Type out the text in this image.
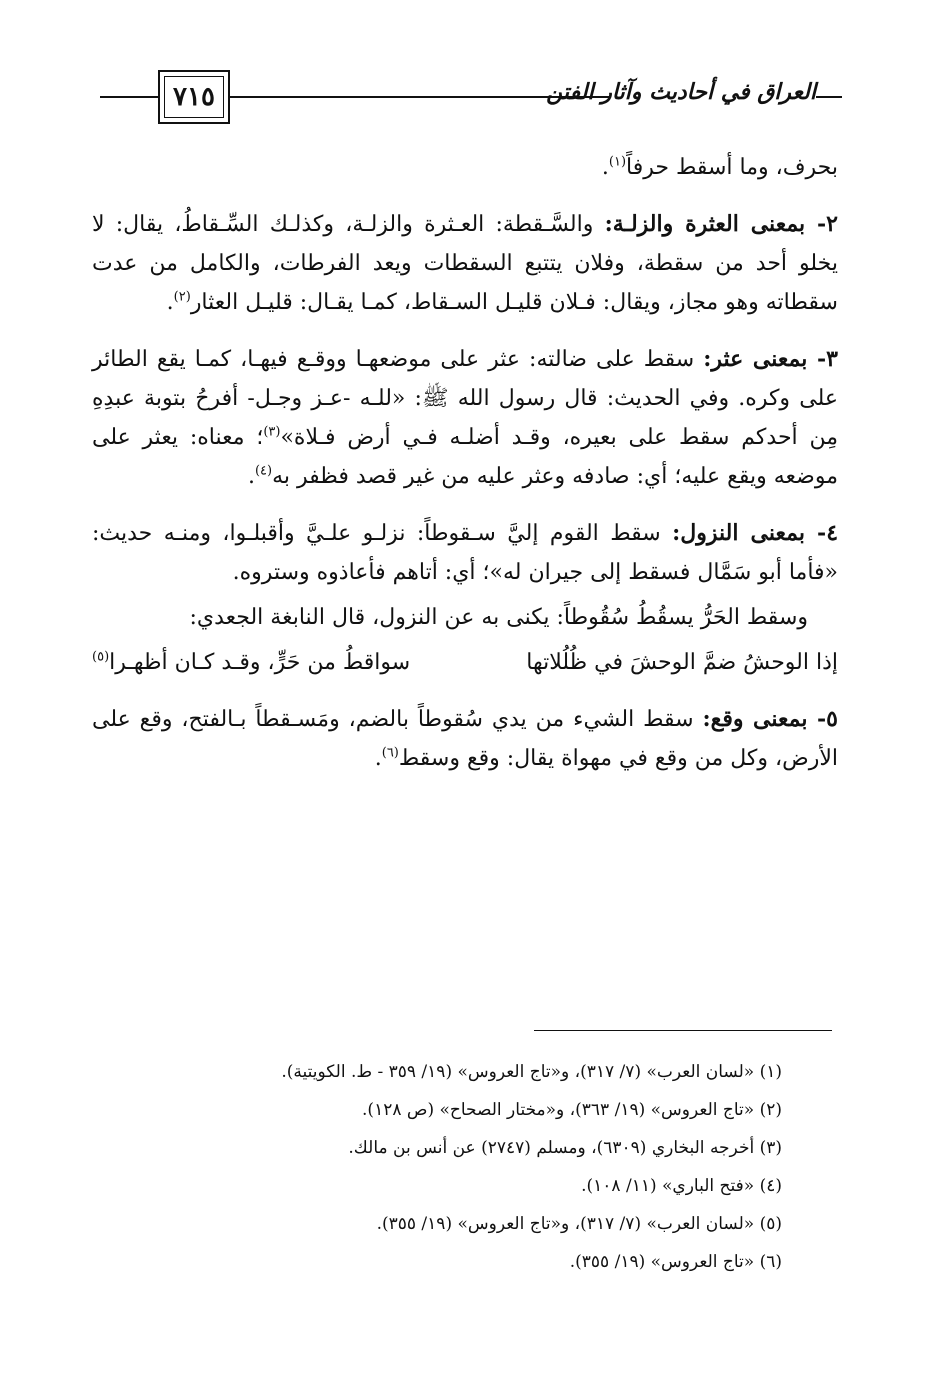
٧١٥	العراق في أحاديث وآثار الفتن

بحرف، وما أسقط حرفاً$^{(١)}$.

٢- بمعنى العثرة والزلـة: والسَّـقطة: العـثرة والزلـة، وكذلـك السِّـقاطُ، يقال: لا يخلو أحد من سقطة، وفلان يتتبع السقطات ويعد الفرطات، والكامل من عدت سقطاته وهو مجاز، ويقال: فـلان قليـل السـقاط، كمـا يقـال: قليـل العثار$^{(٢)}$.

٣- بمعنى عثر: سقط على ضالته: عثر على موضعهـا ووقـع فيهـا، كمـا يقع الطائر على وكره. وفي الحديث: قال رسول الله ﷺ: «للـه -عـز وجـل- أفرحُ بتوبة عبدِهِ مِن أحدكم سقط على بعيره، وقـد أضلـه فـي أرض فـلاة»$^{(٣)}$؛ معناه: يعثر على موضعه ويقع عليه؛ أي: صادفه وعثر عليه من غير قصد فظفر به$^{(٤)}$.

٤- بمعنى النزول: سقط القوم إليَّ سـقوطاً: نزلـو علـيَّ وأقبلـوا، ومنـه حديث: «فأما أبو سَمَّال فسقط إلى جيران له»؛ أي: أتاهم فأعاذوه وستروه.

وسقط الحَرُّ يسقُطُ سُقُوطاً: يكنى به عن النزول، قال النابغة الجعدي:

إذا الوحشُ ضمَّ الوحشَ في ظُلُلاتها
سواقطُ من حَرٍّ، وقـد كـان أظهـرا$^{(٥)}$

٥- بمعنى وقع: سقط الشيء من يدي سُقوطاً بالضم، ومَسـقطاً بـالفتح، وقع على الأرض، وكل من وقع في مهواة يقال: وقع وسقط$^{(٦)}$.

(١) «لسان العرب» (٧/ ٣١٧)، و«تاج العروس» (١٩/ ٣٥٩ - ط. الكويتية).

(٢) «تاج العروس» (١٩/ ٣٦٣)، و«مختار الصحاح» (ص ١٢٨).

(٣) أخرجه البخاري (٦٣٠٩)، ومسلم (٢٧٤٧) عن أنس بن مالك.

(٤) «فتح الباري» (١١/ ١٠٨).

(٥) «لسان العرب» (٧/ ٣١٧)، و«تاج العروس» (١٩/ ٣٥٥).

(٦) «تاج العروس» (١٩/ ٣٥٥).
